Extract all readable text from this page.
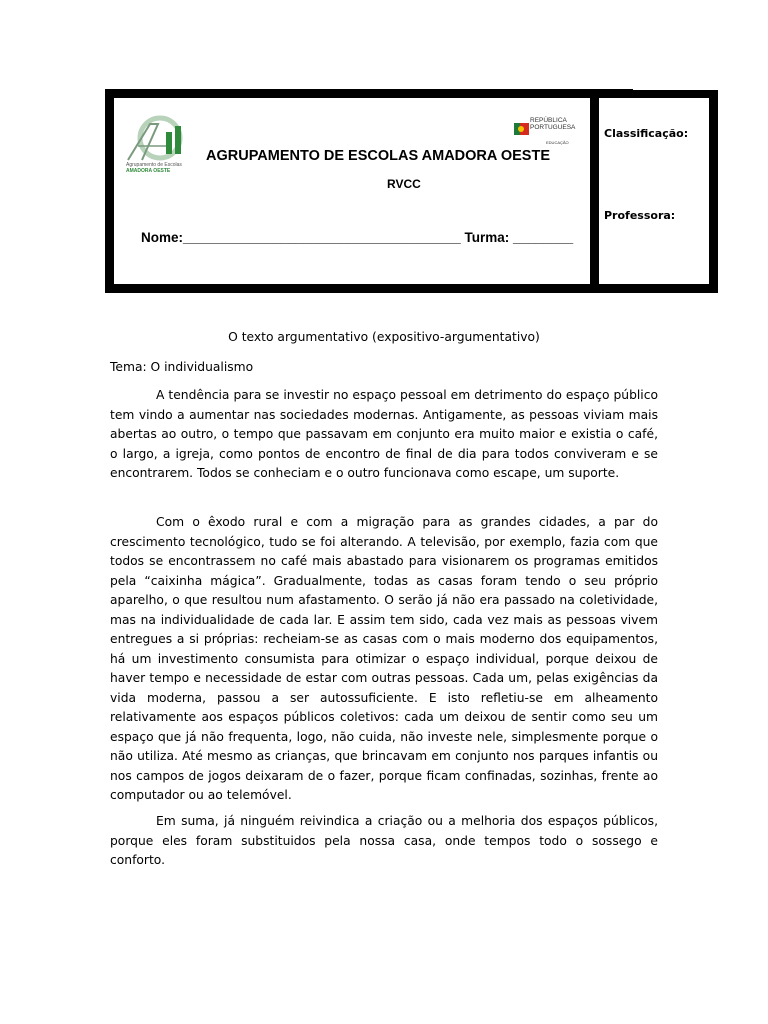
Agrupamento de Escolas
AMADORA OESTE
REPÚBLICA
PORTUGUESA
EDUCAÇÃO
AGRUPAMENTO DE ESCOLAS AMADORA OESTE
RVCC
Nome:_____________________________________ Turma: ________
Classificação:
Professora:
O texto argumentativo (expositivo-argumentativo)
Tema: O individualismo

A tendência para se investir no espaço pessoal em detrimento do espaço público tem vindo a aumentar nas sociedades modernas. Antigamente, as pessoas viviam mais abertas ao outro, o tempo que passavam em conjunto era muito maior e existia o café, o largo, a igreja, como pontos de encontro de final de dia para todos conviveram e se encontrarem. Todos se conheciam e o outro funcionava como escape, um suporte.

Com o êxodo rural e com a migração para as grandes cidades, a par do crescimento tecnológico, tudo se foi alterando. A televisão, por exemplo, fazia com que todos se encontrassem no café mais abastado para visionarem os programas emitidos pela “caixinha mágica”. Gradualmente, todas as casas foram tendo o seu próprio aparelho, o que resultou num afastamento. O serão já não era passado na coletividade, mas na individualidade de cada lar. E assim tem sido, cada vez mais as pessoas vivem entregues a si próprias: recheiam-se as casas com o mais moderno dos equipamentos, há um investimento consumista para otimizar o espaço individual, porque deixou de haver tempo e necessidade de estar com outras pessoas. Cada um, pelas exigências da vida moderna, passou a ser autossuficiente. E isto refletiu-se em alheamento relativamente aos espaços públicos coletivos: cada um deixou de sentir como seu um espaço que já não frequenta, logo, não cuida, não investe nele, simplesmente porque o não utiliza. Até mesmo as crianças, que brincavam em conjunto nos parques infantis ou nos campos de jogos deixaram de o fazer, porque ficam confinadas, sozinhas, frente ao computador ou ao telemóvel.

Em suma, já ninguém reivindica a criação ou a melhoria dos espaços públicos, porque eles foram substituidos pela nossa casa, onde tempos todo o sossego e conforto.
